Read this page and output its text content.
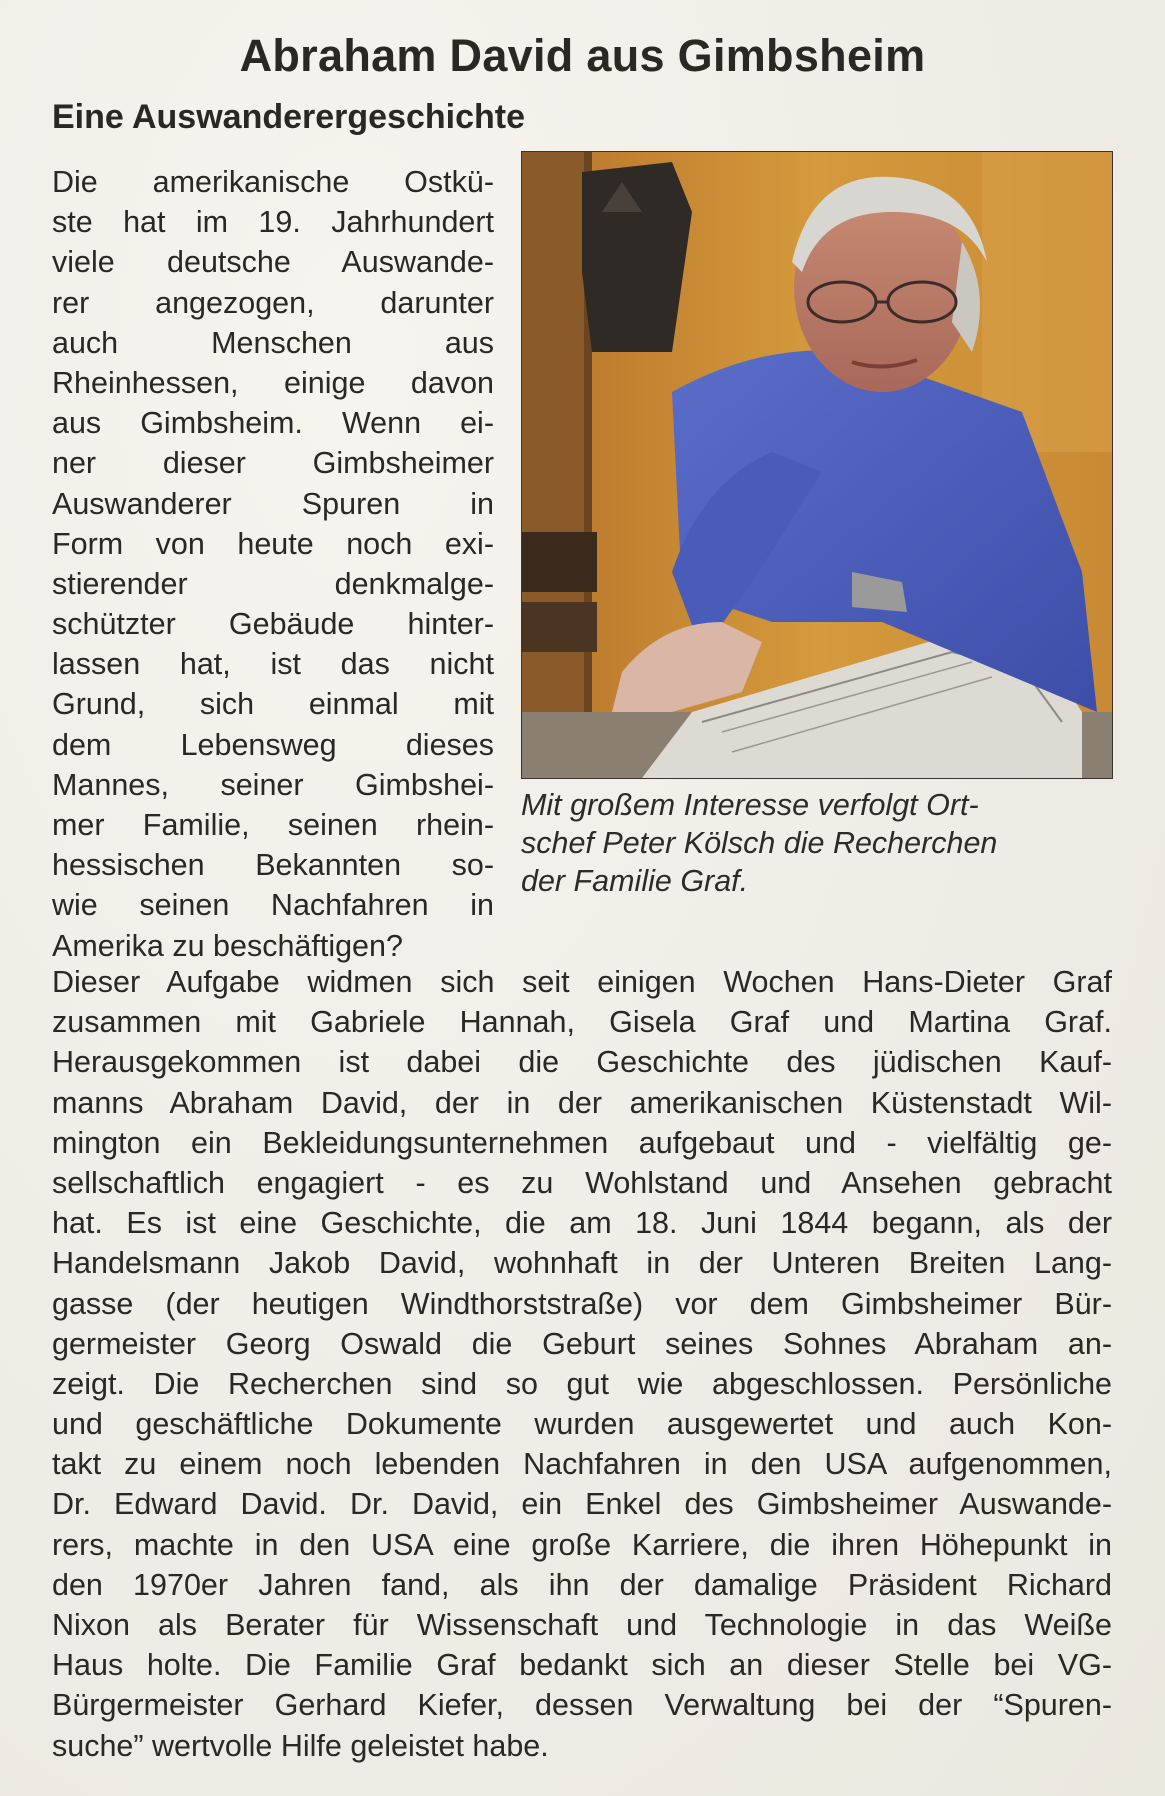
Abraham David aus Gimbsheim
Eine Auswanderergeschichte
Die amerikanische Ostkü-
ste hat im 19. Jahrhundert
viele deutsche Auswande-
rer angezogen, darunter
auch Menschen aus
Rheinhessen, einige davon
aus Gimbsheim. Wenn ei-
ner dieser Gimbsheimer
Auswanderer Spuren in
Form von heute noch exi-
stierender denkmalge-
schützter Gebäude hinter-
lassen hat, ist das nicht
Grund, sich einmal mit
dem Lebensweg dieses
Mannes, seiner Gimbshei-
mer Familie, seinen rhein-
hessischen Bekannten so-
wie seinen Nachfahren in
Amerika zu beschäftigen?
Mit großem Interesse verfolgt Ort-
schef Peter Kölsch die Recherchen
der Familie Graf.
Dieser Aufgabe widmen sich seit einigen Wochen Hans-Dieter Graf
zusammen mit Gabriele Hannah, Gisela Graf und Martina Graf.
Herausgekommen ist dabei die Geschichte des jüdischen Kauf-
manns Abraham David, der in der amerikanischen Küstenstadt Wil-
mington ein Bekleidungsunternehmen aufgebaut und - vielfältig ge-
sellschaftlich engagiert - es zu Wohlstand und Ansehen gebracht
hat. Es ist eine Geschichte, die am 18. Juni 1844 begann, als der
Handelsmann Jakob David, wohnhaft in der Unteren Breiten Lang-
gasse (der heutigen Windthorststraße) vor dem Gimbsheimer Bür-
germeister Georg Oswald die Geburt seines Sohnes Abraham an-
zeigt. Die Recherchen sind so gut wie abgeschlossen. Persönliche
und geschäftliche Dokumente wurden ausgewertet und auch Kon-
takt zu einem noch lebenden Nachfahren in den USA aufgenommen,
Dr. Edward David. Dr. David, ein Enkel des Gimbsheimer Auswande-
rers, machte in den USA eine große Karriere, die ihren Höhepunkt in
den 1970er Jahren fand, als ihn der damalige Präsident Richard
Nixon als Berater für Wissenschaft und Technologie in das Weiße
Haus holte. Die Familie Graf bedankt sich an dieser Stelle bei VG-
Bürgermeister Gerhard Kiefer, dessen Verwaltung bei der “Spuren-
suche” wertvolle Hilfe geleistet habe.
